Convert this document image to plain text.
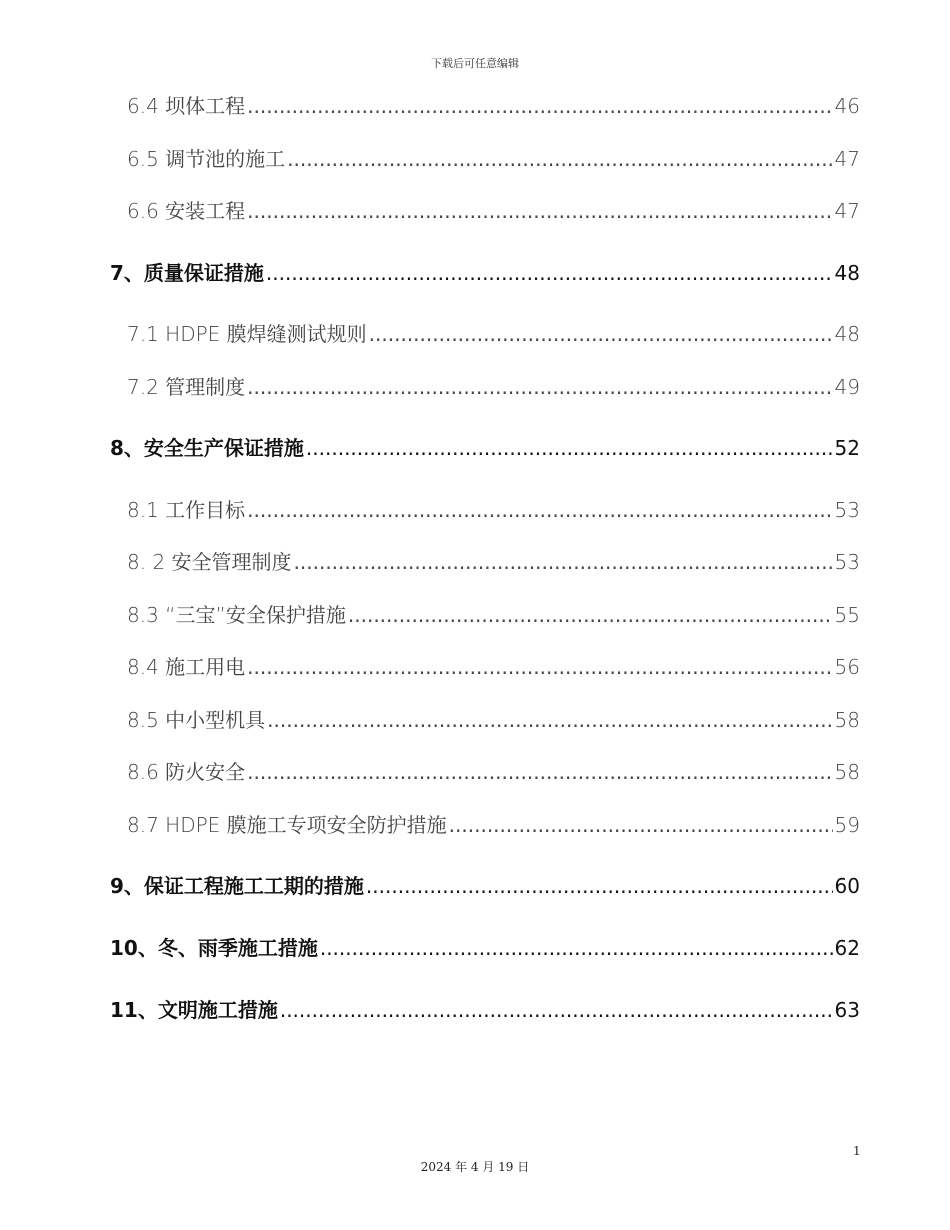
下载后可任意编辑
6.4 坝体工程 .....	46
6.5 调节池的施工 .....	47
6.6 安装工程 .....	47
7、质量保证措施 .....	48
7.1 HDPE 膜焊缝测试规则 .....	48
7.2 管理制度 .....	49
8、安全生产保证措施 .....	52
8.1 工作目标 .....	53
8. 2 安全管理制度 .....	53
8.3 “三宝”安全保护措施 .....	55
8.4 施工用电 .....	56
8.5 中小型机具 .....	58
8.6 防火安全 .....	58
8.7 HDPE 膜施工专项安全防护措施 .....	59
9、保证工程施工工期的措施 .....	60
10、冬、雨季施工措施 .....	62
11、文明施工措施 .....	63
1
2024 年 4 月 19 日
